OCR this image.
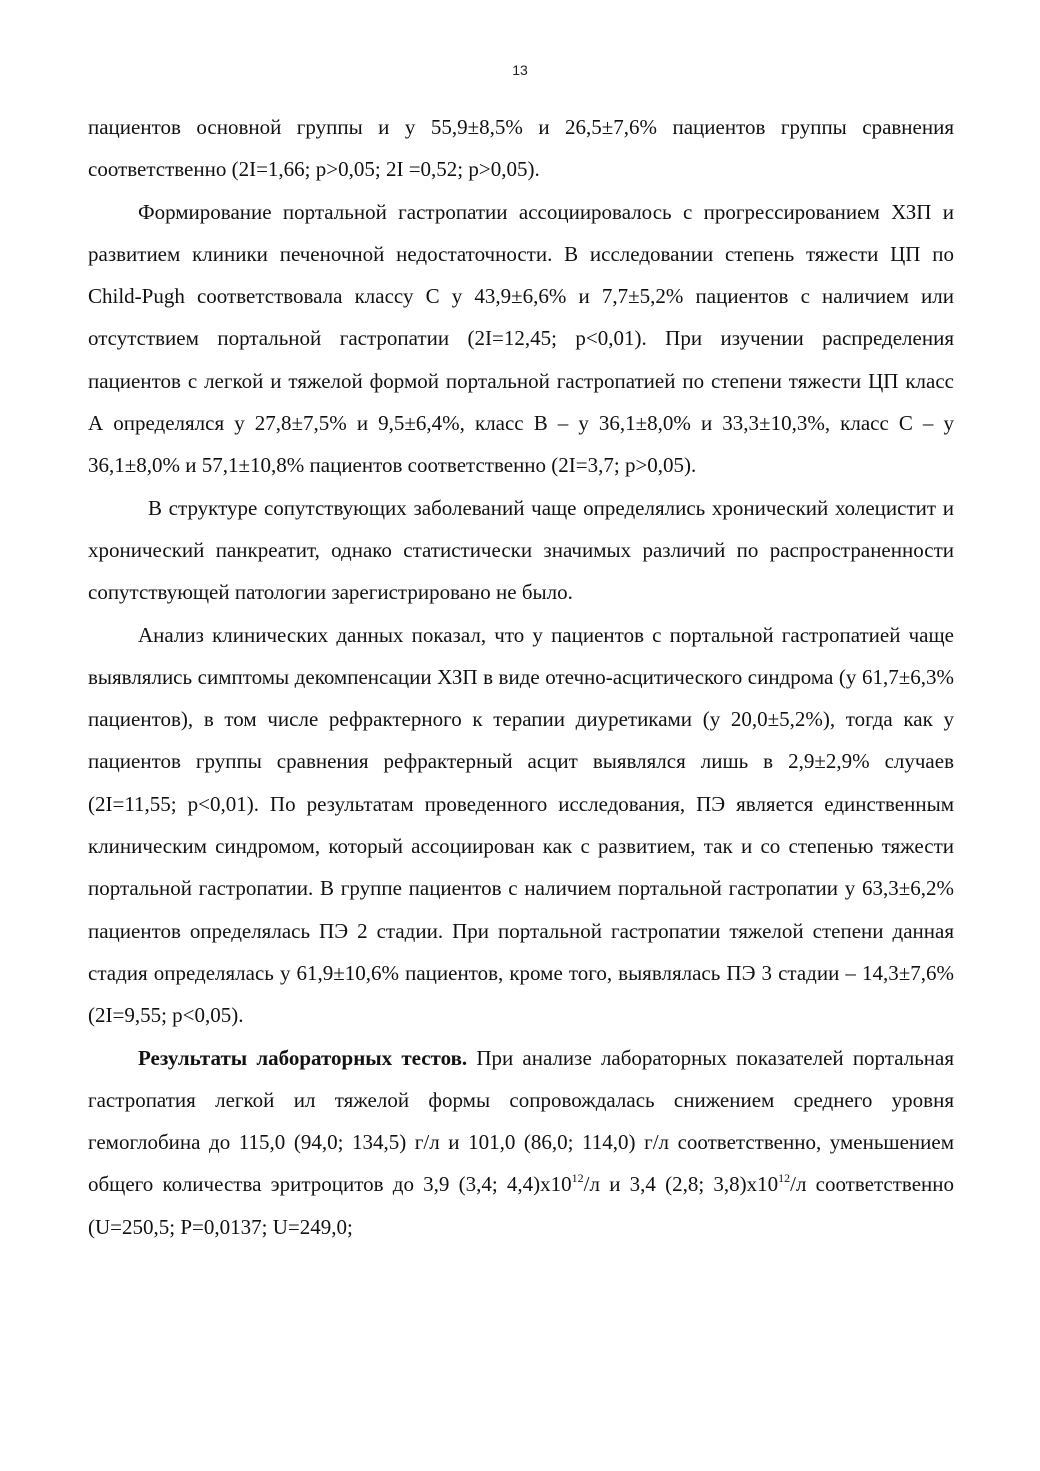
13

пациентов основной группы и у 55,9±8,5% и 26,5±7,6% пациентов группы сравнения соответственно (2I=1,66; p>0,05; 2I =0,52; p>0,05).

Формирование портальной гастропатии ассоциировалось с прогрессированием ХЗП и развитием клиники печеночной недостаточности. В исследовании степень тяжести ЦП по Child-Pugh соответствовала классу С у 43,9±6,6% и 7,7±5,2% пациентов с наличием или отсутствием портальной гастропатии (2I=12,45; p<0,01). При изучении распределения пациентов с легкой и тяжелой формой портальной гастропатией по степени тяжести ЦП класс А определялся у 27,8±7,5% и 9,5±6,4%, класс В – у 36,1±8,0% и 33,3±10,3%, класс С – у 36,1±8,0% и 57,1±10,8% пациентов соответственно (2I=3,7; p>0,05).

В структуре сопутствующих заболеваний чаще определялись хронический холецистит и хронический панкреатит, однако статистически значимых различий по распространенности сопутствующей патологии зарегистрировано не было.

Анализ клинических данных показал, что у пациентов с портальной гастропатией чаще выявлялись симптомы декомпенсации ХЗП в виде отечно-асцитического синдрома (у 61,7±6,3% пациентов), в том числе рефрактерного к терапии диуретиками (у 20,0±5,2%), тогда как у пациентов группы сравнения рефрактерный асцит выявлялся лишь в 2,9±2,9% случаев (2I=11,55; p<0,01). По результатам проведенного исследования, ПЭ является единственным клиническим синдромом, который ассоциирован как с развитием, так и со степенью тяжести портальной гастропатии. В группе пациентов с наличием портальной гастропатии у 63,3±6,2% пациентов определялась ПЭ 2 стадии. При портальной гастропатии тяжелой степени данная стадия определялась у 61,9±10,6% пациентов, кроме того, выявлялась ПЭ 3 стадии – 14,3±7,6% (2I=9,55; p<0,05).

Результаты лабораторных тестов. При анализе лабораторных показателей портальная гастропатия легкой ил тяжелой формы сопровождалась снижением среднего уровня гемоглобина до 115,0 (94,0; 134,5) г/л и 101,0 (86,0; 114,0) г/л соответственно, уменьшением общего количества эритроцитов до 3,9 (3,4; $4,4)х10^{12}/л$ и 3,4 (2,8; $3,8)х10^{12}/л$ соответственно (U=250,5; P=0,0137; U=249,0;
